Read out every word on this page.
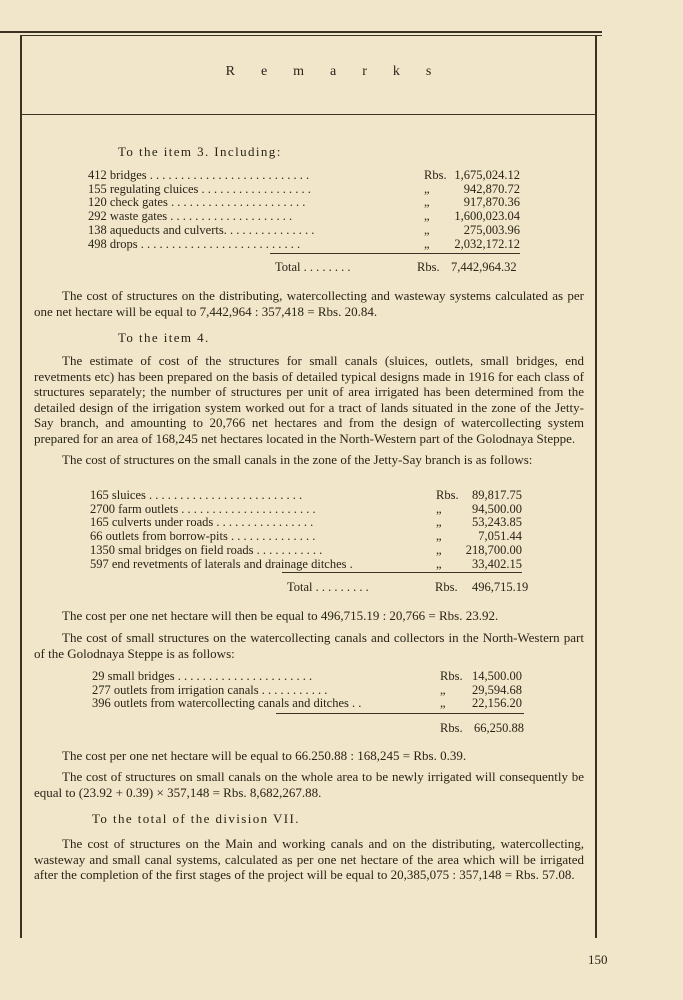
Remarks
To the item 3. Including:
412 bridges . . . . . . . . . . . . . . . . . . . . . . . . . .	Rbs. 1,675,024.12
155 regulating cluices . . . . . . . . . . . . . . . . . .	„	942,870.72
120 check gates . . . . . . . . . . . . . . . . . . . . . .	„	917,870.36
292 waste gates . . . . . . . . . . . . . . . . . . . .	„ 1,600,023.04
138 aqueducts and culverts. . . . . . . . . . . . . . .	„	275,003.96
498 drops . . . . . . . . . . . . . . . . . . . . . . . . . .	„ 2,032,172.12
Total . . . . . . . .	Rbs. 7,442,964.32

The cost of structures on the distributing, watercollecting and wasteway systems calculated as per one net hectare will be equal to 7,442,964 : 357,418 = Rbs. 20.84.

To the item 4.

The estimate of cost of the structures for small canals (sluices, outlets, small bridges, end revetments etc) has been prepared on the basis of detailed typical designs made in 1916 for each class of structures separately; the number of structures per unit of area irrigated has been determined from the detailed design of the irrigation system worked out for a tract of lands situated in the zone of the Jetty-Say branch, and amounting to 20,766 net hectares and from the design of watercollecting system prepared for an area of 168,245 net hectares located in the North-Western part of the Golodnaya Steppe.

The cost of structures on the small canals in the zone of the Jetty-Say branch is as follows:

165 sluices . . . . . . . . . . . . . . . . . . . . . . . . .	Rbs. 89,817.75
2700 farm outlets . . . . . . . . . . . . . . . . . . . . . .	„ 94,500.00
165 culverts under roads . . . . . . . . . . . . . . . .	„ 53,243.85
66 outlets from borrow-pits . . . . . . . . . . . . . .	„	7,051.44
1350 smal bridges on field roads . . . . . . . . . . .	„ 218,700.00
597 end revetments of laterals and drainage ditches .	„ 33,402.15
Total . . . . . . . . .	Rbs. 496,715.19

The cost per one net hectare will then be equal to 496,715.19 : 20,766 = Rbs. 23.92.

The cost of small structures on the watercollecting canals and collectors in the North-Western part of the Golodnaya Steppe is as follows:

29 small bridges . . . . . . . . . . . . . . . . . . . . . .	Rbs. 14,500.00
277 outlets from irrigation canals . . . . . . . . . . .	„ 29,594.68
396 outlets from watercollecting canals and ditches . .	„ 22,156.20
Rbs. 66,250.88

The cost per one net hectare will be equal to 66.250.88 : 168,245 = Rbs. 0.39.

The cost of structures on small canals on the whole area to be newly irrigated will consequently be equal to (23.92 + 0.39) × 357,148 = Rbs. 8,682,267.88.

To the total of the division VII.

The cost of structures on the Main and working canals and on the distributing, watercollecting, wasteway and small canal systems, calculated as per one net hectare of the area which will be irrigated after the completion of the first stages of the project will be equal to 20,385,075 : 357,148 = Rbs. 57.08.

150
